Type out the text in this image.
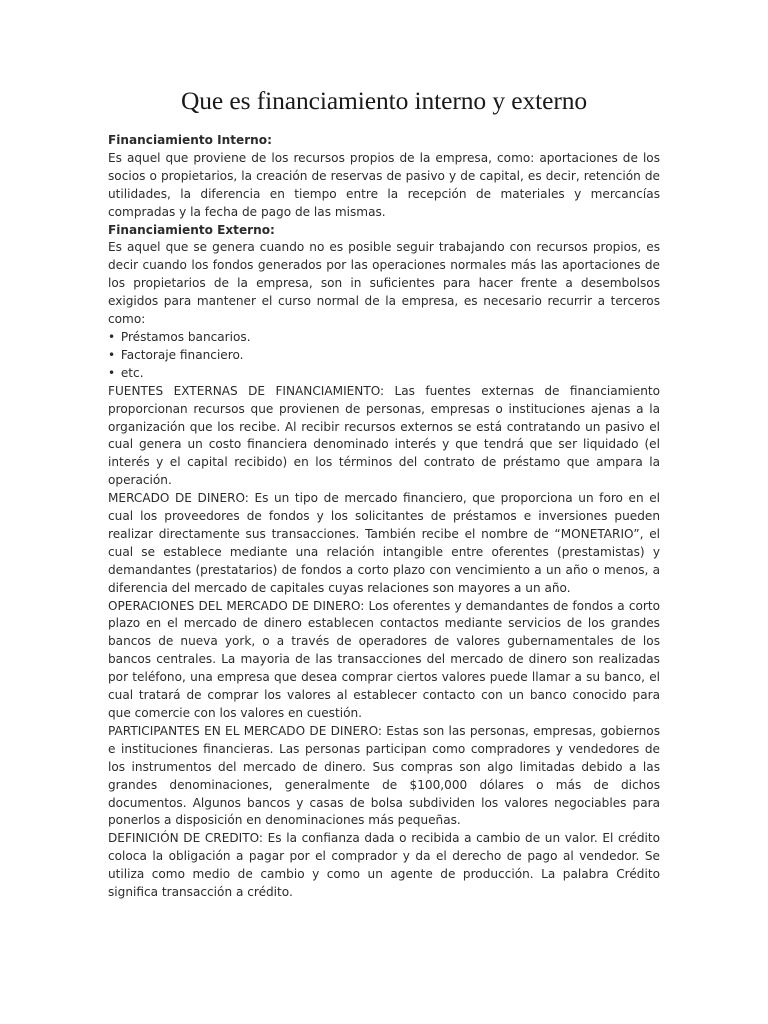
Que es financiamiento interno y externo

Financiamiento Interno:

Es aquel que proviene de los recursos propios de la empresa, como: aportaciones de los socios o propietarios, la creación de reservas de pasivo y de capital, es decir, retención de utilidades, la diferencia en tiempo entre la recepción de materiales y mercancías compradas y la fecha de pago de las mismas.

Financiamiento Externo:

Es aquel que se genera cuando no es posible seguir trabajando con recursos propios, es decir cuando los fondos generados por las operaciones normales más las aportaciones de los propietarios de la empresa, son in suficientes para hacer frente a desembolsos exigidos para mantener el curso normal de la empresa, es necesario recurrir a terceros como:

• Préstamos bancarios.
• Factoraje financiero.
• etc.

FUENTES EXTERNAS DE FINANCIAMIENTO: Las fuentes externas de financiamiento proporcionan recursos que provienen de personas, empresas o instituciones ajenas a la organización que los recibe. Al recibir recursos externos se está contratando un pasivo el cual genera un costo financiera denominado interés y que tendrá que ser liquidado (el interés y el capital recibido) en los términos del contrato de préstamo que ampara la operación.

MERCADO DE DINERO: Es un tipo de mercado financiero, que proporciona un foro en el cual los proveedores de fondos y los solicitantes de préstamos e inversiones pueden realizar directamente sus transacciones. También recibe el nombre de “MONETARIO”, el cual se establece mediante una relación intangible entre oferentes (prestamistas) y demandantes (prestatarios) de fondos a corto plazo con vencimiento a un año o menos, a diferencia del mercado de capitales cuyas relaciones son mayores a un año.

OPERACIONES DEL MERCADO DE DINERO: Los oferentes y demandantes de fondos a corto plazo en el mercado de dinero establecen contactos mediante servicios de los grandes bancos de nueva york, o a través de operadores de valores gubernamentales de los bancos centrales. La mayoria de las transacciones del mercado de dinero son realizadas por teléfono, una empresa que desea comprar ciertos valores puede llamar a su banco, el cual tratará de comprar los valores al establecer contacto con un banco conocido para que comercie con los valores en cuestión.

PARTICIPANTES EN EL MERCADO DE DINERO: Estas son las personas, empresas, gobiernos e instituciones financieras. Las personas participan como compradores y vendedores de los instrumentos del mercado de dinero. Sus compras son algo limitadas debido a las grandes denominaciones, generalmente de $100,000 dólares o más de dichos documentos. Algunos bancos y casas de bolsa subdividen los valores negociables para ponerlos a disposición en denominaciones más pequeñas.

DEFINICIÓN DE CREDITO: Es la confianza dada o recibida a cambio de un valor. El crédito coloca la obligación a pagar por el comprador y da el derecho de pago al vendedor. Se utiliza como medio de cambio y como un agente de producción. La palabra Crédito significa transacción a crédito.
